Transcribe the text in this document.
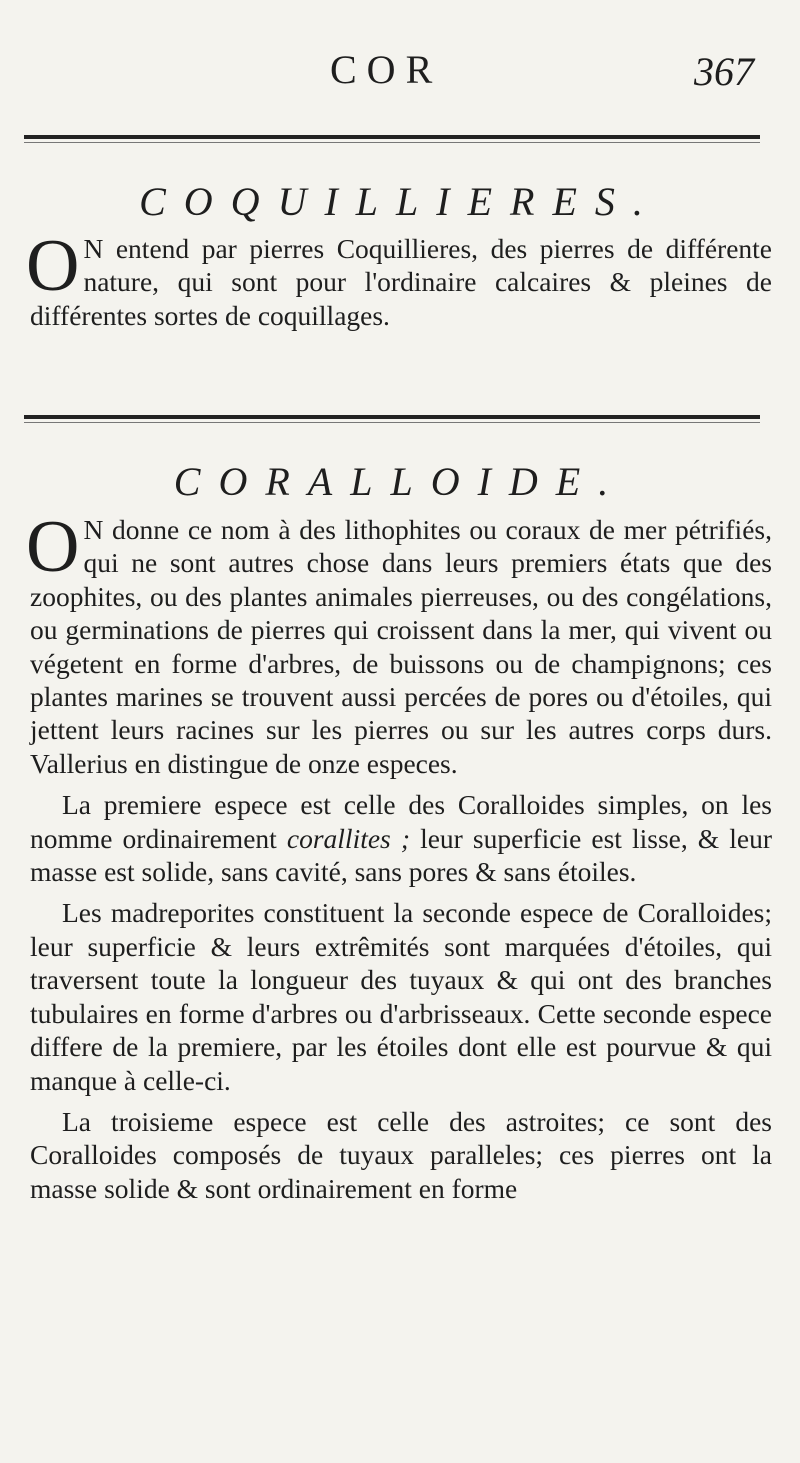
COR	367
COQUILLIERES.

O N entend par pierres Coquillieres, des pierres de différente nature, qui sont pour l'ordinaire calcaires & pleines de différentes sortes de coquillages.

CORALLOIDE.

O N donne ce nom à des lithophites ou coraux de mer pétrifiés, qui ne sont autres chose dans leurs premiers états que des zoophites, ou des plantes animales pierreuses, ou des congélations, ou germinations de pierres qui croissent dans la mer, qui vivent ou végetent en forme d'arbres, de buissons ou de champignons; ces plantes marines se trouvent aussi percées de pores ou d'étoiles, qui jettent leurs racines sur les pierres ou sur les autres corps durs. Vallerius en distingue de onze especes.

La premiere espece est celle des Coralloides simples, on les nomme ordinairement corallites ; leur superficie est lisse, & leur masse est solide, sans cavité, sans pores & sans étoiles.

Les madreporites constituent la seconde espece de Coralloides; leur superficie & leurs extrêmités sont marquées d'étoiles, qui traversent toute la longueur des tuyaux & qui ont des branches tubulaires en forme d'arbres ou d'arbrisseaux. Cette seconde espece differe de la premiere, par les étoiles dont elle est pourvue & qui manque à celle-ci.

La troisieme espece est celle des astroites; ce sont des Coralloides composés de tuyaux paralleles; ces pierres ont la masse solide & sont ordinairement en forme
